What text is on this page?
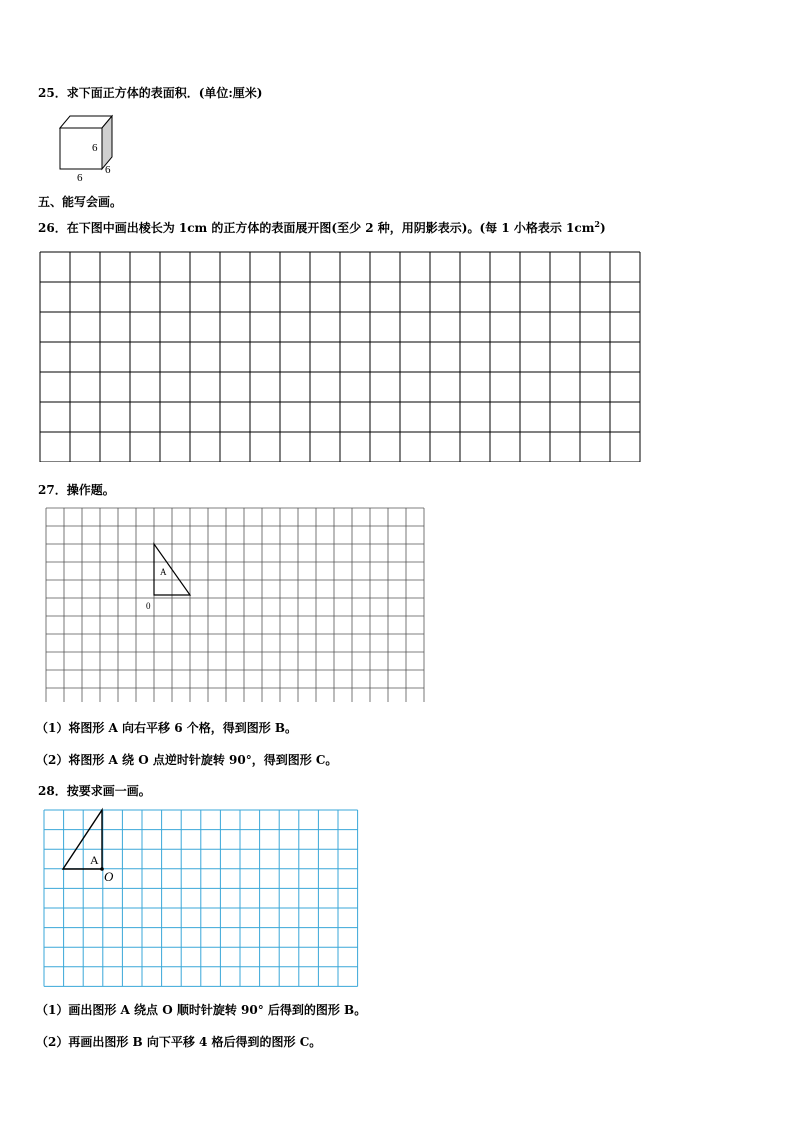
25．求下面正方体的表面积．(单位:厘米)
6
6
6
五、能写会画。
26．在下图中画出棱长为 1cm 的正方体的表面展开图(至少 2 种，用阴影表示)。(每 1 小格表示 $1cm^2$)
27．操作题。
A
0
（1）将图形 A 向右平移 6 个格，得到图形 B。
（2）将图形 A 绕 O 点逆时针旋转 90°，得到图形 C。
28．按要求画一画。
A
O
（1）画出图形 A 绕点 O 顺时针旋转 90° 后得到的图形 B。
（2）再画出图形 B 向下平移 4 格后得到的图形 C。
